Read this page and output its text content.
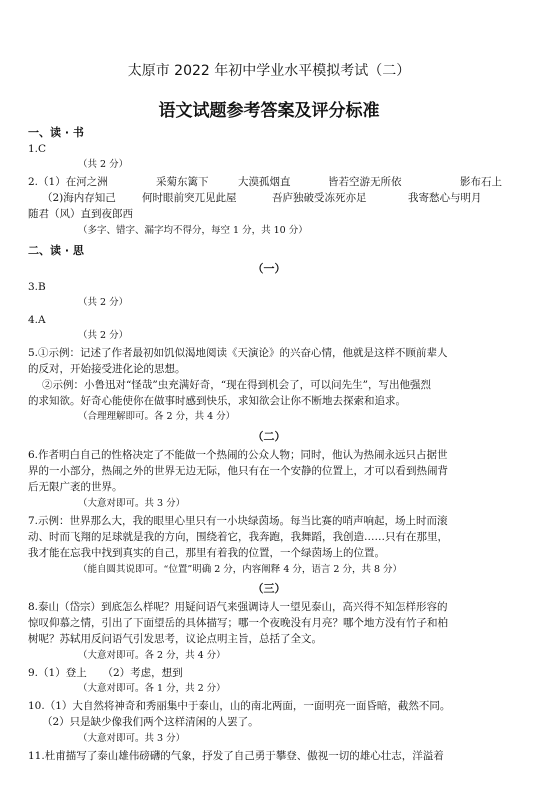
太原市 2022 年初中学业水平模拟考试（二）
语文试题参考答案及评分标准
一、读 · 书
1.C
（共 2 分）
2.（1）在河之洲	采菊东篱下	大漠孤烟直	皆若空游无所依	影布石上
（2)海内存知己 何时眼前突兀见此屋	吾庐独破受冻死亦足	我寄愁心与明月
随君（风）直到夜郎西
（多字、错字、漏字均不得分，每空 1 分，共 10 分）
二、读 · 思
（一）
3.B
（共 2 分）
4.A
（共 2 分）
5.①示例：记述了作者最初如饥似渴地阅读《天演论》的兴奋心情，他就是这样不顾前辈人
的反对，开始接受进化论的思想。
②示例：小鲁迅对“怪哉”虫充满好奇，“现在得到机会了，可以问先生”，写出他强烈
的求知欲。好奇心能使你在做事时感到快乐，求知欲会让你不断地去探索和追求。
（合理理解即可。各 2 分，共 4 分）
（二）
6.作者明白自己的性格决定了不能做一个热闹的公众人物；同时，他认为热闹永远只占据世
界的一小部分，热闹之外的世界无边无际，他只有在一个安静的位置上，才可以看到热闹背
后无限广袤的世界。
（大意对即可。共 3 分）
7.示例：世界那么大，我的眼里心里只有一小块绿茵场。每当比赛的哨声响起，场上时而滚
动、时而飞翔的足球就是我的方向，围绕着它，我奔跑，我舞蹈，我创造……只有在那里，
我才能在忘我中找到真实的自己，那里有着我的位置，一个绿茵场上的位置。
（能自圆其说即可。“位置”明确 2 分，内容阐释 4 分，语言 2 分，共 8 分）
（三）
8.泰山（岱宗）到底怎么样呢？用疑问语气来强调诗人一望见泰山，高兴得不知怎样形容的
惊叹仰慕之情，引出了下面望岳的具体描写；哪一个夜晚没有月亮？哪个地方没有竹子和柏
树呢？苏轼用反问语气引发思考，议论点明主旨，总括了全文。
（大意对即可。各 2 分，共 4 分）
9.（1）登上　　（2）考虑，想到
（大意对即可。各 1 分，共 2 分）
10.（1）大自然将神奇和秀丽集中于泰山，山的南北两面，一面明亮一面昏暗，截然不同。
（2）只是缺少像我们两个这样清闲的人罢了。
（大意对即可。共 3 分）
11.杜甫描写了泰山雄伟磅礴的气象，抒发了自己勇于攀登、傲视一切的雄心壮志，洋溢着
